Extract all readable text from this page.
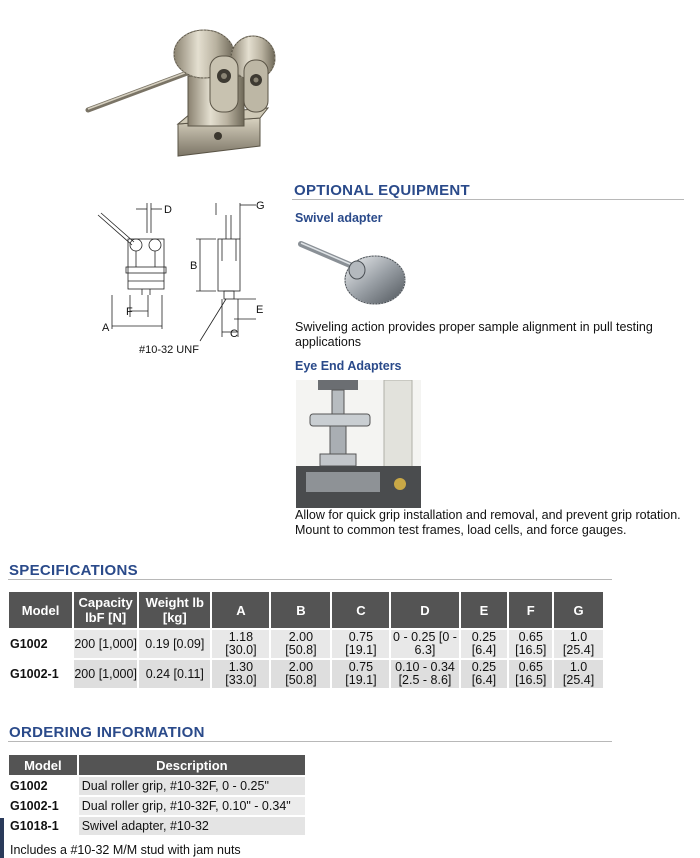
D	G
B
F	E
A	C
#10-32 UNF
OPTIONAL EQUIPMENT
Swivel adapter
Swiveling action provides proper sample alignment in pull testing applications
Eye End Adapters
Allow for quick grip installation and removal, and prevent grip rotation. Mount to common test frames, load cells, and force gauges.
SPECIFICATIONS
Model	Capacity lbF [N]	Weight lb [kg]	A	B	C	D	E	F	G
G1002	200 [1,000]	0.19 [0.09]	1.18 [30.0]	2.00 [50.8]	0.75 [19.1]	0 - 0.25 [0 - 6.3]	0.25 [6.4]	0.65 [16.5]	1.0 [25.4]
G1002-1	200 [1,000]	0.24 [0.11]	1.30 [33.0]	2.00 [50.8]	0.75 [19.1]	0.10 - 0.34 [2.5 - 8.6]	0.25 [6.4]	0.65 [16.5]	1.0 [25.4]
ORDERING INFORMATION
Model	Description
G1002	Dual roller grip, #10-32F, 0 - 0.25"
G1002-1	Dual roller grip, #10-32F, 0.10" - 0.34"
G1018-1	Swivel adapter, #10-32
Includes a #10-32 M/M stud with jam nuts
